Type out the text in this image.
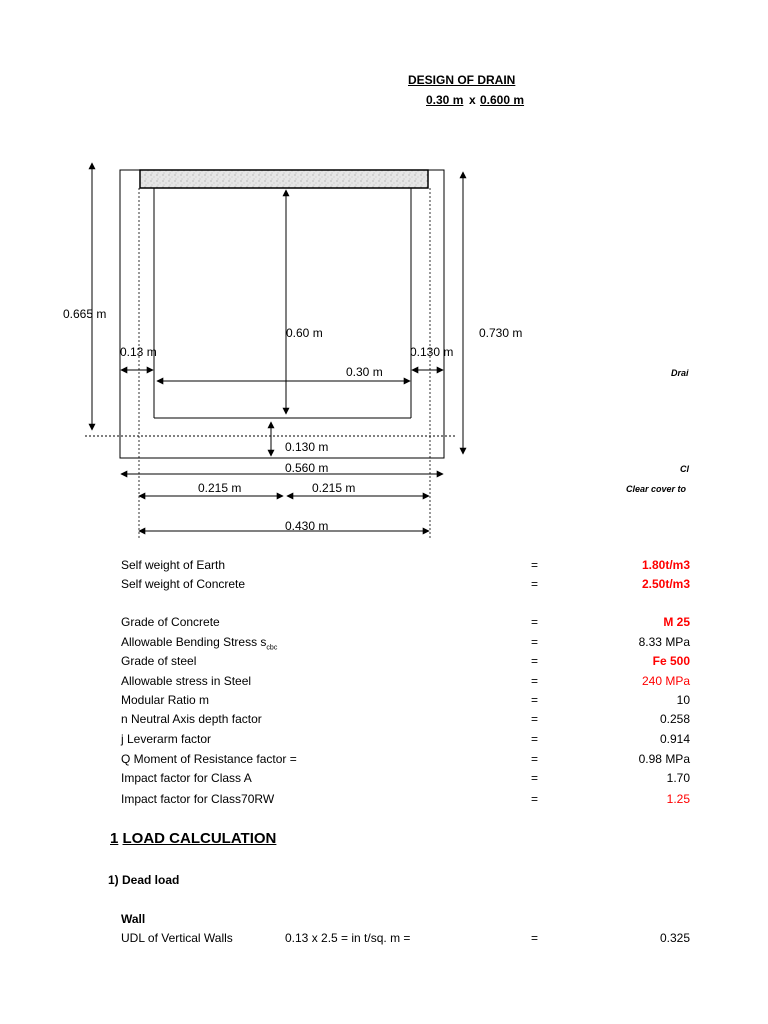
DESIGN OF DRAIN
0.30 m x 0.600 m
0.665 m
0.60 m	0.730 m
0.13 m	0.130 m
0.30 m
0.130 m
0.560 m
0.215 m	0.215 m
0.430 m
Drai
Cl
Clear cover to
Self weight of Earth	=	1.80t/m3
Self weight of Concrete	=	2.50t/m3
Grade of Concrete	=	M 25
Allowable Bending Stress $s_{cbc}$	=	8.33 MPa
Grade of steel	=	Fe 500
Allowable stress in Steel	=	240 MPa
Modular Ratio m	=	10
n Neutral Axis depth factor	=	0.258
j Leverarm factor	=	0.914
Q Moment of Resistance factor =	=	0.98 MPa
Impact factor for Class A	=	1.70
Impact factor for Class70RW	=	1.25
1 LOAD CALCULATION
1) Dead load
Wall
UDL of Vertical Walls	0.13 x 2.5 = in t/sq. m =	=	0.325
